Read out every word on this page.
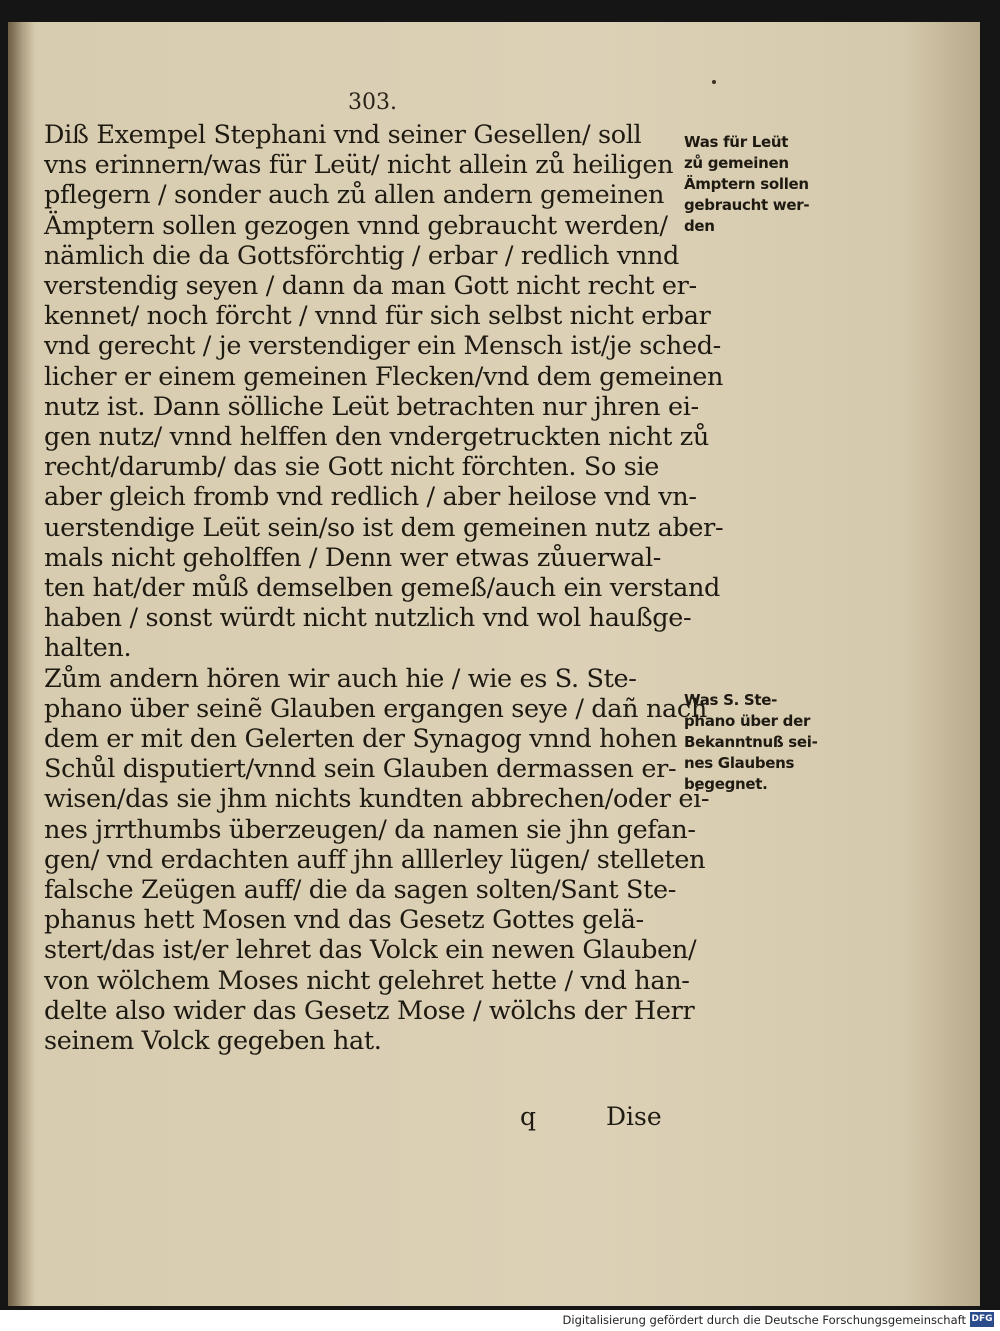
303.
Diß Exempel Stephani vnd seiner Gesellen/ soll
vns erinnern/was für Leüt/ nicht allein zů heiligen
pflegern / sonder auch zů allen andern gemeinen
Ämptern sollen gezogen vnnd gebraucht werden/
nämlich die da Gottsförchtig / erbar / redlich vnnd
verstendig seyen / dann da man Gott nicht recht er-
kennet/ noch förcht / vnnd für sich selbst nicht erbar
vnd gerecht / je verstendiger ein Mensch ist/je sched-
licher er einem gemeinen Flecken/vnd dem gemeinen
nutz ist. Dann sölliche Leüt betrachten nur jhren ei-
gen nutz/ vnnd helffen den vndergetruckten nicht zů
recht/darumb/ das sie Gott nicht förchten. So sie
aber gleich fromb vnd redlich / aber heilose vnd vn-
uerstendige Leüt sein/so ist dem gemeinen nutz aber-
mals nicht geholffen / Denn wer etwas zůuerwal-
ten hat/der můß demselben gemeß/auch ein verstand
haben / sonst würdt nicht nutzlich vnd wol haußge-
halten.
Zům andern hören wir auch hie / wie es S. Ste-
phano über seinẽ Glauben ergangen seye / dañ nach
dem er mit den Gelerten der Synagog vnnd hohen
Schůl disputiert/vnnd sein Glauben dermassen er-
wisen/das sie jhm nichts kundten abbrechen/oder ei-
nes jrrthumbs überzeugen/ da namen sie jhn gefan-
gen/ vnd erdachten auff jhn alllerley lügen/ stelleten
falsche Zeügen auff/ die da sagen solten/Sant Ste-
phanus hett Mosen vnd das Gesetz Gottes gelä-
stert/das ist/er lehret das Volck ein newen Glauben/
von wölchem Moses nicht gelehret hette / vnd han-
delte also wider das Gesetz Mose / wölchs der Herr
seinem Volck gegeben hat.
Was für Leüt
zů gemeinen
Ämptern sollen
gebraucht wer-
den
Was S. Ste-
phano über der
Bekanntnuß sei-
nes Glaubens
begegnet.
q	Dise
Digitalisierung gefördert durch die Deutsche Forschungsgemeinschaft DFG
